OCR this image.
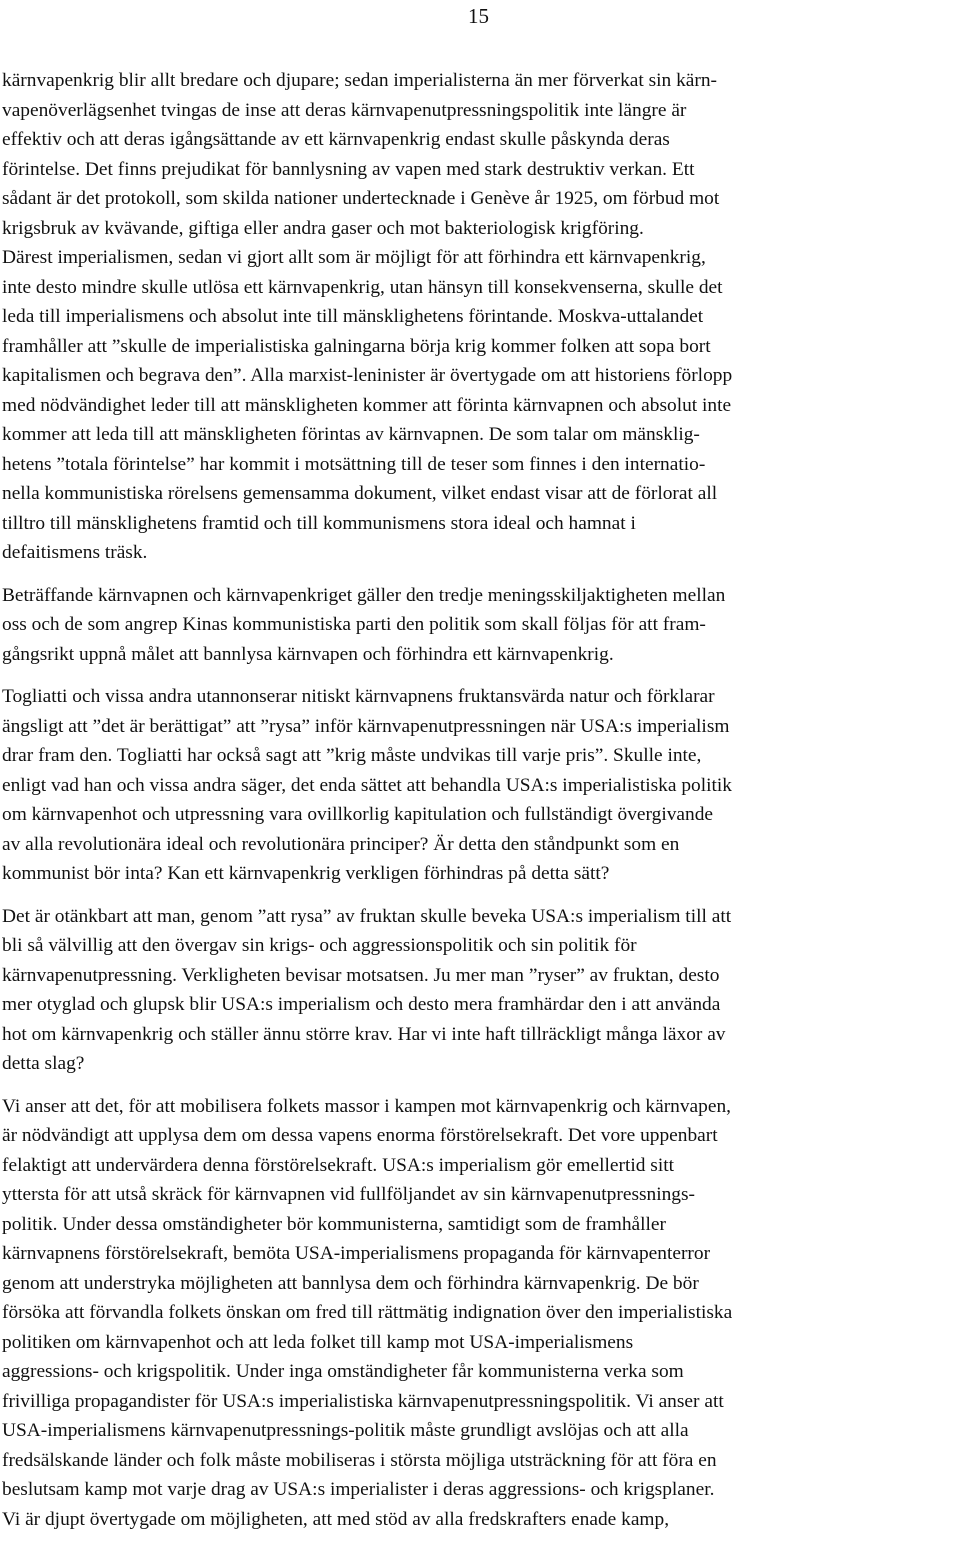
15

kärnvapenkrig blir allt bredare och djupare; sedan imperialisterna än mer förverkat sin kärn-
vapenöverlägsenhet tvingas de inse att deras kärnvapenutpressningspolitik inte längre är
effektiv och att deras igångsättande av ett kärnvapenkrig endast skulle påskynda deras
förintelse. Det finns prejudikat för bannlysning av vapen med stark destruktiv verkan. Ett
sådant är det protokoll, som skilda nationer undertecknade i Genève år 1925, om förbud mot
krigsbruk av kvävande, giftiga eller andra gaser och mot bakteriologisk krigföring.
Därest imperialismen, sedan vi gjort allt som är möjligt för att förhindra ett kärnvapenkrig,
inte desto mindre skulle utlösa ett kärnvapenkrig, utan hänsyn till konsekvenserna, skulle det
leda till imperialismens och absolut inte till mänsklighetens förintande. Moskva-uttalandet
framhåller att ”skulle de imperialistiska galningarna börja krig kommer folken att sopa bort
kapitalismen och begrava den”. Alla marxist-leninister är övertygade om att historiens förlopp
med nödvändighet leder till att mänskligheten kommer att förinta kärnvapnen och absolut inte
kommer att leda till att mänskligheten förintas av kärnvapnen. De som talar om mänsklig-
hetens ”totala förintelse” har kommit i motsättning till de teser som finnes i den internatio-
nella kommunistiska rörelsens gemensamma dokument, vilket endast visar att de förlorat all
tilltro till mänsklighetens framtid och till kommunismens stora ideal och hamnat i
defaitismens träsk.

Beträffande kärnvapnen och kärnvapenkriget gäller den tredje meningsskiljaktigheten mellan
oss och de som angrep Kinas kommunistiska parti den politik som skall följas för att fram-
gångsrikt uppnå målet att bannlysa kärnvapen och förhindra ett kärnvapenkrig.

Togliatti och vissa andra utannonserar nitiskt kärnvapnens fruktansvärda natur och förklarar
ängsligt att ”det är berättigat” att ”rysa” inför kärnvapenutpressningen när USA:s imperialism
drar fram den. Togliatti har också sagt att ”krig måste undvikas till varje pris”. Skulle inte,
enligt vad han och vissa andra säger, det enda sättet att behandla USA:s imperialistiska politik
om kärnvapenhot och utpressning vara ovillkorlig kapitulation och fullständigt övergivande
av alla revolutionära ideal och revolutionära principer? Är detta den ståndpunkt som en
kommunist bör inta? Kan ett kärnvapenkrig verkligen förhindras på detta sätt?

Det är otänkbart att man, genom ”att rysa” av fruktan skulle beveka USA:s imperialism till att
bli så välvillig att den övergav sin krigs- och aggressionspolitik och sin politik för
kärnvapenutpressning. Verkligheten bevisar motsatsen. Ju mer man ”ryser” av fruktan, desto
mer otyglad och glupsk blir USA:s imperialism och desto mera framhärdar den i att använda
hot om kärnvapenkrig och ställer ännu större krav. Har vi inte haft tillräckligt många läxor av
detta slag?

Vi anser att det, för att mobilisera folkets massor i kampen mot kärnvapenkrig och kärnvapen,
är nödvändigt att upplysa dem om dessa vapens enorma förstörelsekraft. Det vore uppenbart
felaktigt att undervärdera denna förstörelsekraft. USA:s imperialism gör emellertid sitt
yttersta för att utså skräck för kärnvapnen vid fullföljandet av sin kärnvapenutpressnings-
politik. Under dessa omständigheter bör kommunisterna, samtidigt som de framhåller
kärnvapnens förstörelsekraft, bemöta USA-imperialismens propaganda för kärnvapenterror
genom att understryka möjligheten att bannlysa dem och förhindra kärnvapenkrig. De bör
försöka att förvandla folkets önskan om fred till rättmätig indignation över den imperialistiska
politiken om kärnvapenhot och att leda folket till kamp mot USA-imperialismens
aggressions- och krigspolitik. Under inga omständigheter får kommunisterna verka som
frivilliga propagandister för USA:s imperialistiska kärnvapenutpressningspolitik. Vi anser att
USA-imperialismens kärnvapenutpressnings-politik måste grundligt avslöjas och att alla
fredsälskande länder och folk måste mobiliseras i största möjliga utsträckning för att föra en
beslutsam kamp mot varje drag av USA:s imperialister i deras aggressions- och krigsplaner.
Vi är djupt övertygade om möjligheten, att med stöd av alla fredskrafters enade kamp,
